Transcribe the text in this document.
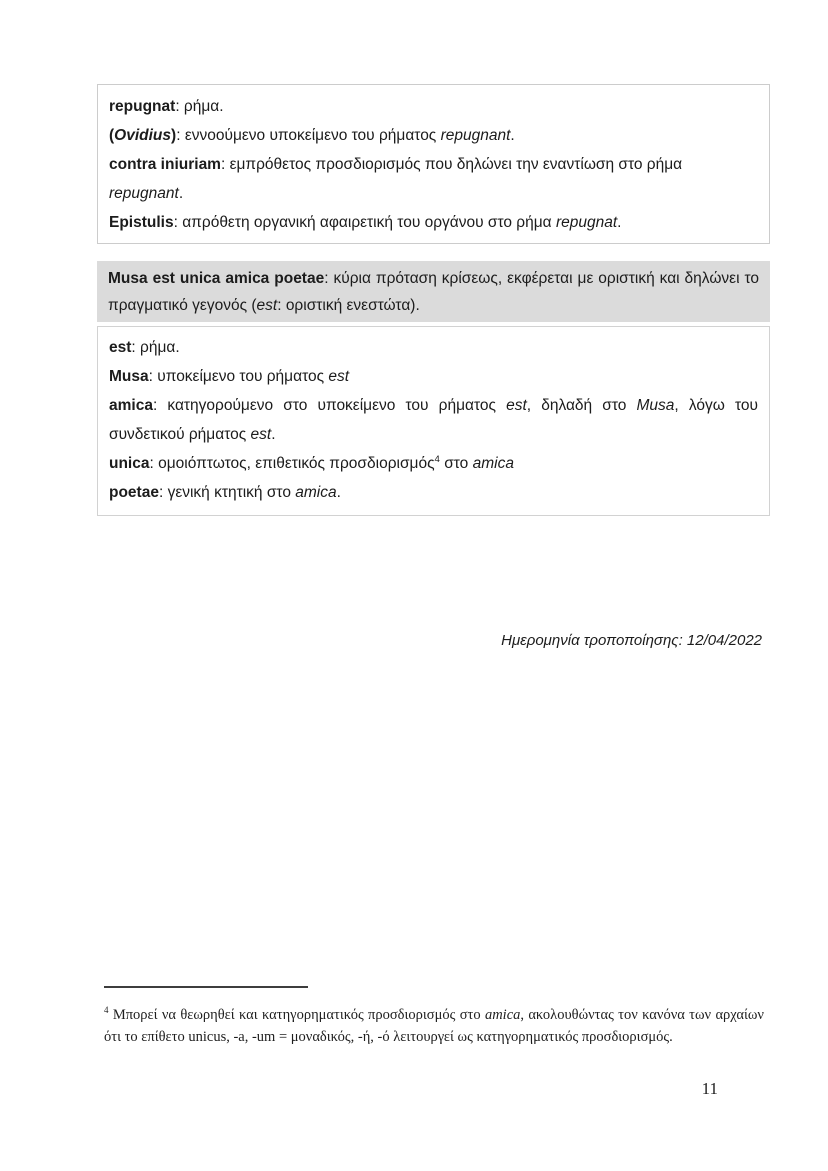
repugnat: ρήμα.

(Ovidius): εννοούμενο υποκείμενο του ρήματος repugnant.

contra iniuriam: εμπρόθετος προσδιορισμός που δηλώνει την εναντίωση στο ρήμα repugnant.

Epistulis: απρόθετη οργανική αφαιρετική του οργάνου στο ρήμα repugnat.

Musa est unica amica poetae: κύρια πρόταση κρίσεως, εκφέρεται με οριστική και δηλώνει το πραγματικό γεγονός (est: οριστική ενεστώτα).

est: ρήμα.

Musa: υποκείμενο του ρήματος est

amica: κατηγορούμενο στο υποκείμενο του ρήματος est, δηλαδή στο Musa, λόγω του συνδετικού ρήματος est.

unica: ομοιόπτωτος, επιθετικός προσδιορισμός$^4$ στο amica

poetae: γενική κτητική στο amica.

Ημερομηνία τροποποίησης: 12/04/2022

$^4$ Μπορεί να θεωρηθεί και κατηγορηματικός προσδιορισμός στο amica, ακολουθώντας τον κανόνα των αρχαίων ότι το επίθετο unicus, -a, -um = μοναδικός, -ή, -ό λειτουργεί ως κατηγορηματικός προσδιορισμός.

11
